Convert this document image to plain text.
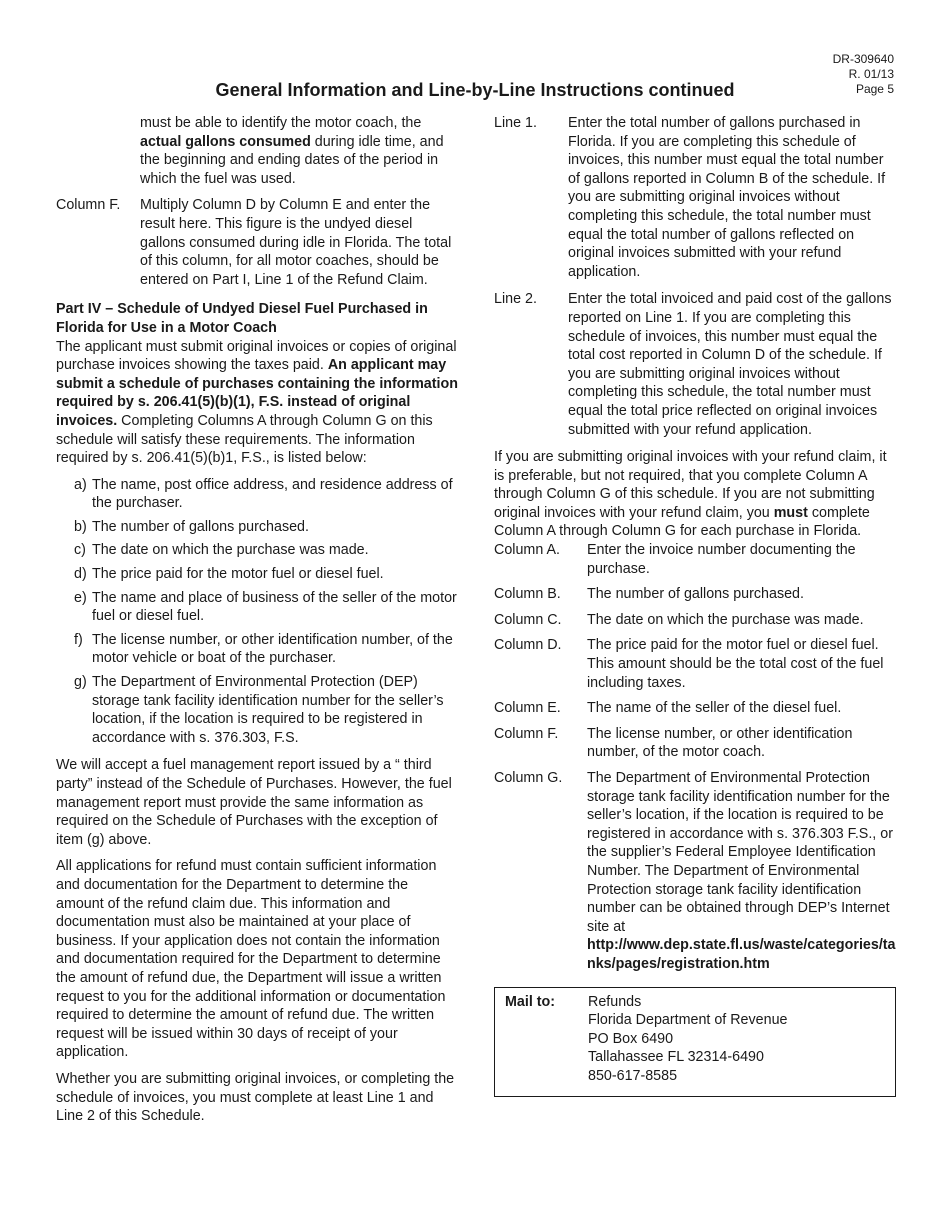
DR-309640
R. 01/13
Page 5
General Information and Line-by-Line Instructions continued

must be able to identify the motor coach, the actual gallons consumed during idle time, and the beginning and ending dates of the period in which the fuel was used.

Column F.	Multiply Column D by Column E and enter the result here. This figure is the undyed diesel gallons consumed during idle in Florida. The total of this column, for all motor coaches, should be entered on Part I, Line 1 of the Refund Claim.

Part IV – Schedule of Undyed Diesel Fuel Purchased in Florida for Use in a Motor Coach

The applicant must submit original invoices or copies of original purchase invoices showing the taxes paid. An applicant may submit a schedule of purchases containing the information required by s. 206.41(5)(b)(1), F.S. instead of original invoices. Completing Columns A through Column G on this schedule will satisfy these requirements. The information required by s. 206.41(5)(b)1, F.S., is listed below:

a) The name, post office address, and residence address of the purchaser.
b) The number of gallons purchased.
c) The date on which the purchase was made.
d) The price paid for the motor fuel or diesel fuel.
e) The name and place of business of the seller of the motor fuel or diesel fuel.
f) The license number, or other identification number, of the motor vehicle or boat of the purchaser.
g) The Department of Environmental Protection (DEP) storage tank facility identification number for the seller’s location, if the location is required to be registered in accordance with s. 376.303, F.S.

We will accept a fuel management report issued by a “ third party” instead of the Schedule of Purchases. However, the fuel management report must provide the same information as required on the Schedule of Purchases with the exception of item (g) above.

All applications for refund must contain sufficient information and documentation for the Department to determine the amount of the refund claim due. This information and documentation must also be maintained at your place of business. If your application does not contain the information and documentation required for the Department to determine the amount of refund due, the Department will issue a written request to you for the additional information or documentation required to determine the amount of refund due. The written request will be issued within 30 days of receipt of your application.

Whether you are submitting original invoices, or completing the schedule of invoices, you must complete at least Line 1 and Line 2 of this Schedule.

Line 1.	Enter the total number of gallons purchased in Florida. If you are completing this schedule of invoices, this number must equal the total number of gallons reported in Column B of the schedule. If you are submitting original invoices without completing this schedule, the total number must equal the total number of gallons reflected on original invoices submitted with your refund application.
Line 2.	Enter the total invoiced and paid cost of the gallons reported on Line 1. If you are completing this schedule of invoices, this number must equal the total cost reported in Column D of the schedule. If you are submitting original invoices without completing this schedule, the total number must equal the total price reflected on original invoices submitted with your refund application.

If you are submitting original invoices with your refund claim, it is preferable, but not required, that you complete Column A through Column G of this schedule. If you are not submitting original invoices with your refund claim, you must complete Column A through Column G for each purchase in Florida.

Column A.	Enter the invoice number documenting the purchase.
Column B.	The number of gallons purchased.
Column C.	The date on which the purchase was made.
Column D.	The price paid for the motor fuel or diesel fuel. This amount should be the total cost of the fuel including taxes.
Column E.	The name of the seller of the diesel fuel.
Column F.	The license number, or other identification number, of the motor coach.
Column G.	The Department of Environmental Protection storage tank facility identification number for the seller’s location, if the location is required to be registered in accordance with s. 376.303 F.S., or the supplier’s Federal Employee Identification Number. The Department of Environmental Protection storage tank facility identification number can be obtained through DEP’s Internet site at http://www.dep.state.fl.us/waste/categories/tanks/pages/registration.htm
Mail to:	Refunds
Florida Department of Revenue
PO Box 6490
Tallahassee FL 32314-6490
850-617-8585
